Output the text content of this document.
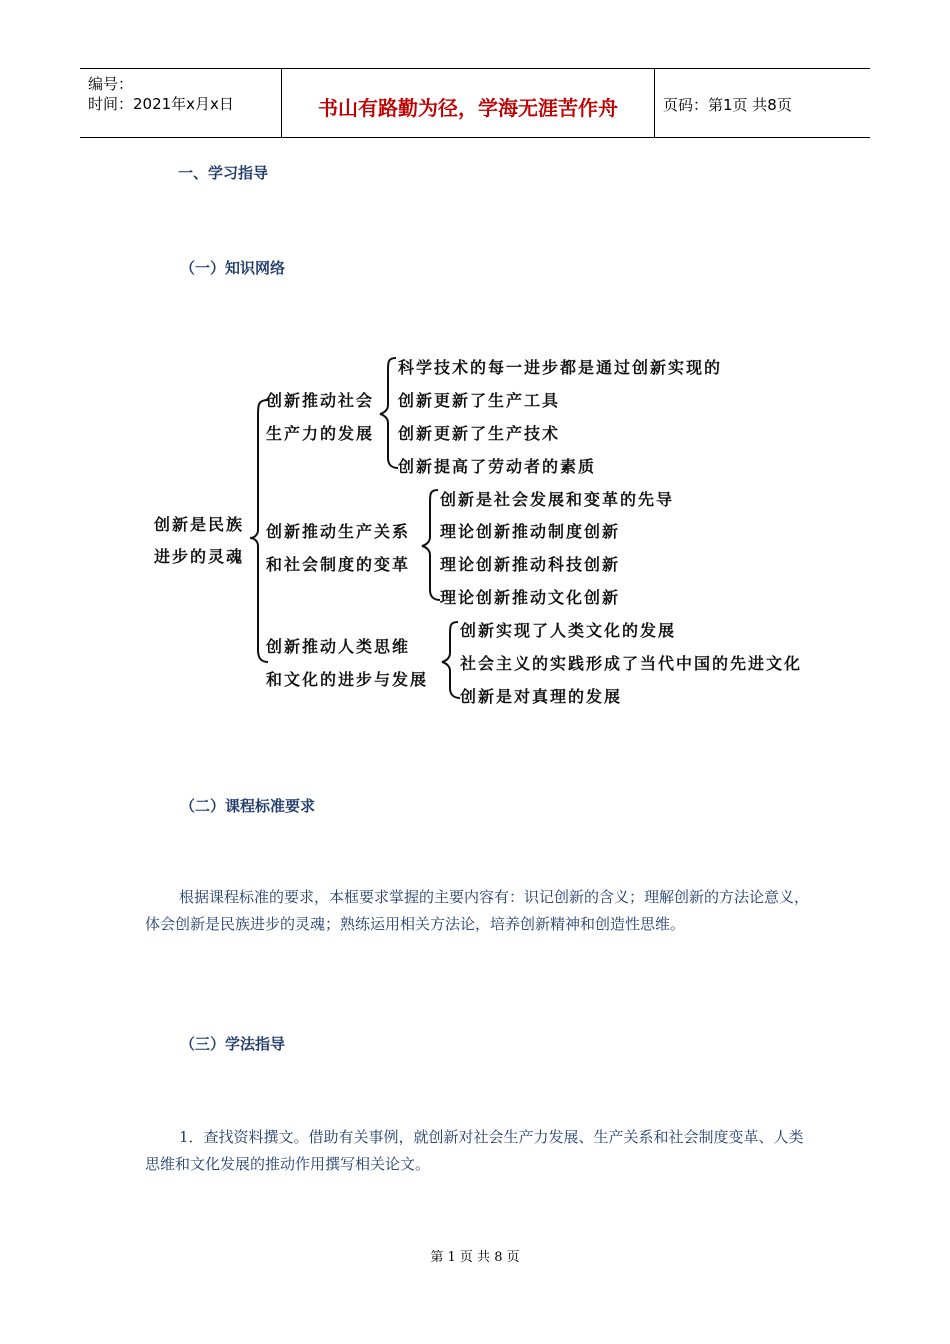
编号：
时间：2021年x月x日	书山有路勤为径，学海无涯苦作舟	页码：第1页 共8页
一、学习指导
（一）知识网络
创新是民族
进步的灵魂
创新推动社会
生产力的发展
科学技术的每一进步都是通过创新实现的
创新更新了生产工具
创新更新了生产技术
创新提高了劳动者的素质
创新推动生产关系
和社会制度的变革
创新是社会发展和变革的先导
理论创新推动制度创新
理论创新推动科技创新
理论创新推动文化创新
创新推动人类思维
和文化的进步与发展
创新实现了人类文化的发展
社会主义的实践形成了当代中国的先进文化
创新是对真理的发展
（二）课程标准要求
根据课程标准的要求，本框要求掌握的主要内容有：识记创新的含义；理解创新的方法论意义，体会创新是民族进步的灵魂；熟练运用相关方法论，培养创新精神和创造性思维。
（三）学法指导
1．查找资料撰文。借助有关事例，就创新对社会生产力发展、生产关系和社会制度变革、人类思维和文化发展的推动作用撰写相关论文。
第 1 页 共 8 页
